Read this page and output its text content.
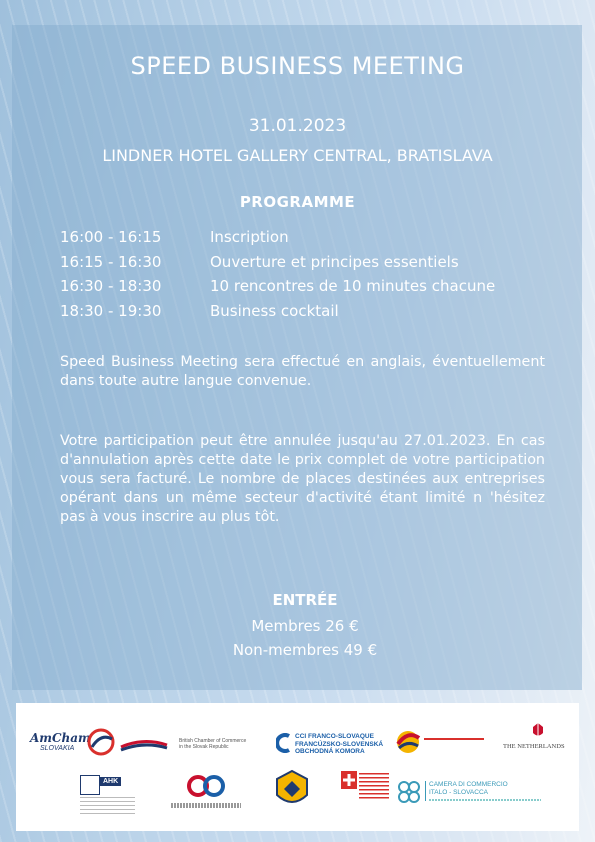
SPEED BUSINESS MEETING
31.01.2023
LINDNER HOTEL GALLERY CENTRAL, BRATISLAVA
PROGRAMME
16:00 - 16:15	Inscription
16:15 - 16:30	Ouverture et principes essentiels
16:30 - 18:30	10 rencontres de 10 minutes chacune
18:30 - 19:30	Business cocktail
Speed Business Meeting sera effectué en anglais, éventuellement dans toute autre langue convenue.
Votre participation peut être annulée jusqu'au 27.01.2023. En cas d'annulation après cette date le prix complet de votre participation vous sera facturé. Le nombre de places destinées aux entreprises opérant dans un même secteur d'activité étant limité n 'hésitez pas à vous inscrire au plus tôt.
ENTRÉE
Membres 26 €
Non-membres 49 €
AmCham
SLOVAKIA
British Chamber of Commerce
in the Slovak Republic
CCI FRANCO-SLOVAQUE
FRANCÚZSKO-SLOVENSKÁ
OBCHODNÁ KOMORA
THE NETHERLANDS
AHK	CAMERA DI COMMERCIO
ITALO - SLOVACCA
